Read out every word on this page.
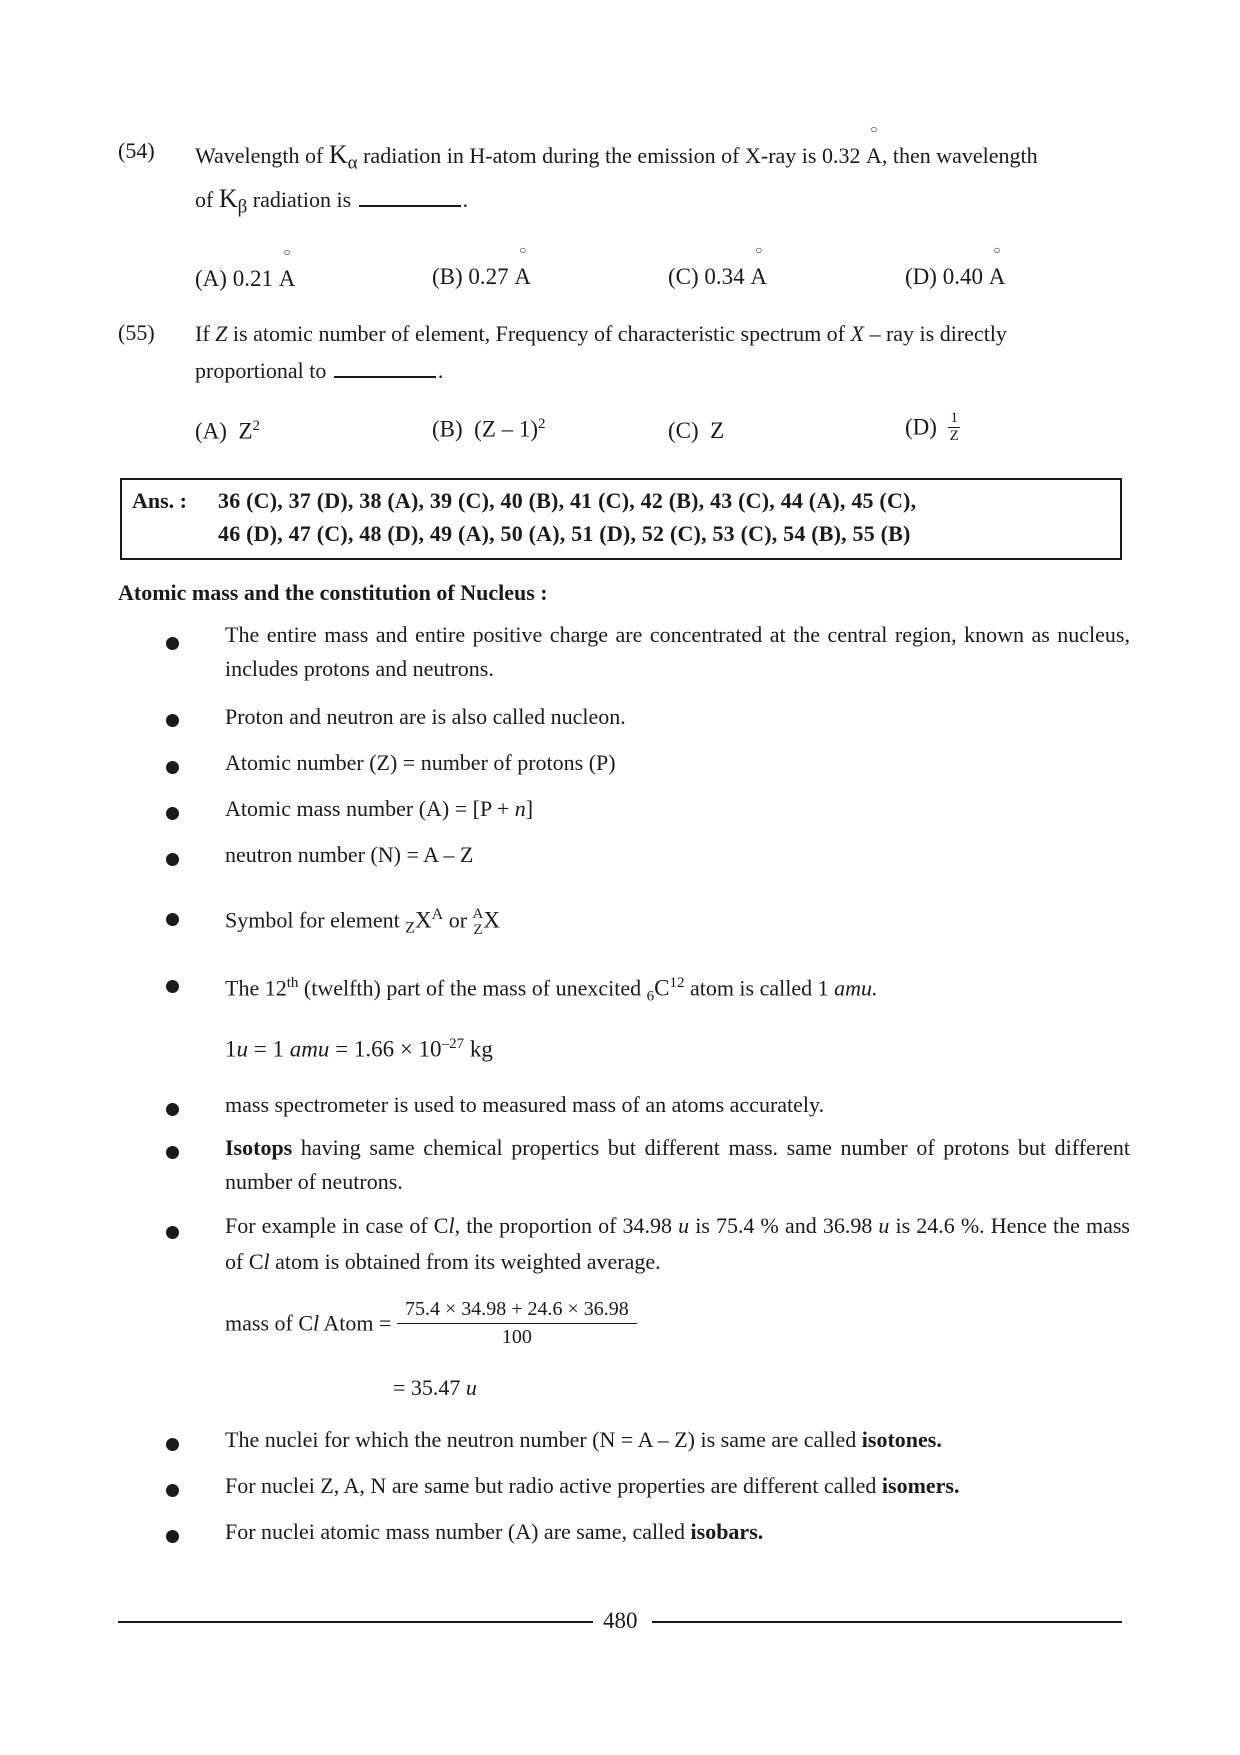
(54) Wavelength of $K_\alpha$ radiation in H-atom during the emission of X-ray is 0.32
○
A, then wavelength
of $K_\beta$ radiation is	.
(A) 0.21
○
A	(B) 0.27
○
A	(C) 0.34
○
A	(D) 0.40
○
A
(55) If Z is atomic number of element, Frequency of characteristic spectrum of X – ray is directly
proportional to	.
(A) $Z^2$	(B) (Z – 1)$^2$	(C) Z	$(D) \frac{1}{Z}$
Ans. : 36 (C), 37 (D), 38 (A), 39 (C), 40 (B), 41 (C), 42 (B), 43 (C), 44 (A), 45 (C),
46 (D), 47 (C), 48 (D), 49 (A), 50 (A), 51 (D), 52 (C), 53 (C), 54 (B), 55 (B)
Atomic mass and the constitution of Nucleus :
The entire mass and entire positive charge are concentrated at the central region, known as nucleus, includes protons and neutrons.
Proton and neutron are is also called nucleon.
Atomic number (Z) = number of protons (P)
Atomic mass number (A) = [P + n]
neutron number (N) = A – Z
Symbol for element $_ZX^A$ or A
Z X
The 12th (twelfth) part of the mass of unexcited $_6C^{12}$ atom is called 1 amu.
1u = 1 amu = $1.66 \times 10^{-27}$ kg
mass spectrometer is used to measured mass of an atoms accurately.
Isotops having same chemical propertics but different mass. same number of protons but different number of neutrons.
For example in case of Cl, the proportion of 34.98 u is 75.4 % and 36.98 u is 24.6 %. Hence the mass of Cl atom is obtained from its weighted average.
mass of Cl Atom = $\frac{75.4 \times 34.98 + 24.6 \times 36.98}{100}$
= 35.47 u
The nuclei for which the neutron number (N = A – Z) is same are called isotones.
For nuclei Z, A, N are same but radio active properties are different called isomers.
For nuclei atomic mass number (A) are same, called isobars.
480
